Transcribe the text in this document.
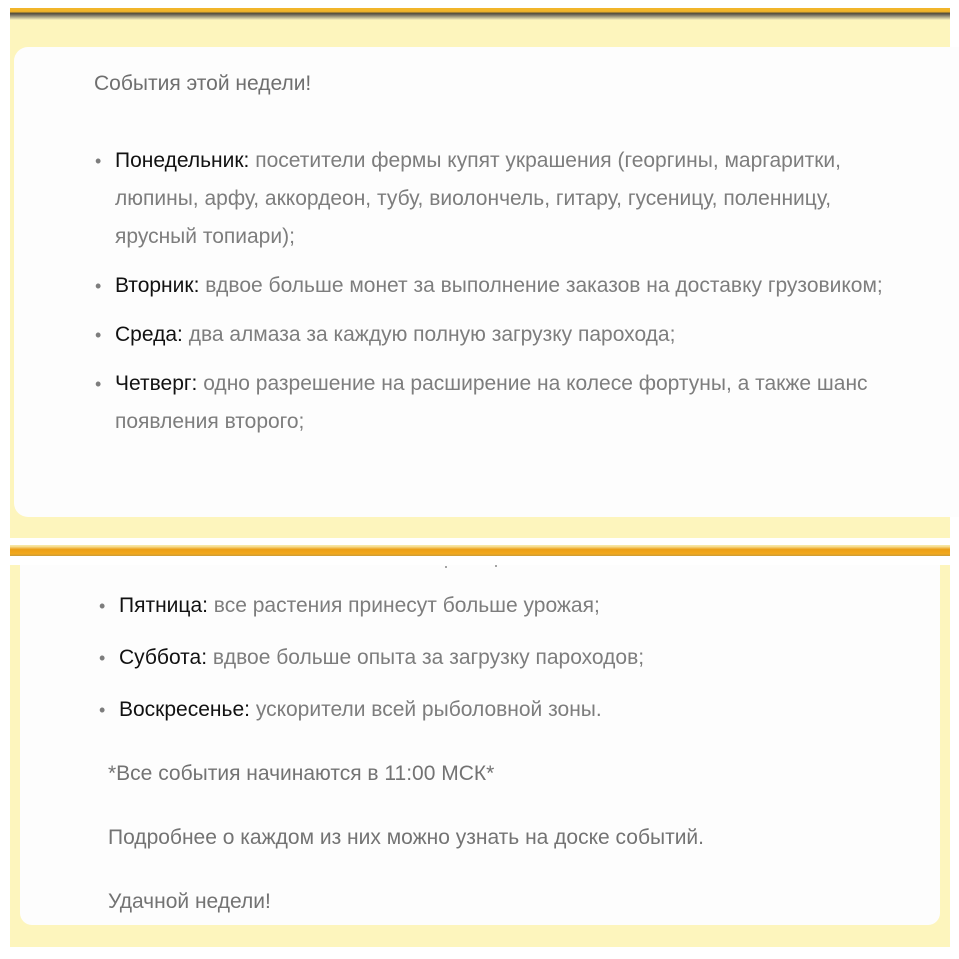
События этой недели!
• Понедельник: посетители фермы купят украшения (георгины, маргаритки, люпины, арфу, аккордеон, тубу, виолончель, гитару, гусеницу, поленницу, ярусный топиари);
• Вторник: вдвое больше монет за выполнение заказов на доставку грузовиком;
• Среда: два алмаза за каждую полную загрузку парохода;
• Четверг: одно разрешение на расширение на колесе фортуны, а также шанс появления второго;
• Пятница: все растения принесут больше урожая;
• Суббота: вдвое больше опыта за загрузку пароходов;
• Воскресенье: ускорители всей рыболовной зоны.
*Все события начинаются в 11:00 МСК*
Подробнее о каждом из них можно узнать на доске событий.
Удачной недели!
